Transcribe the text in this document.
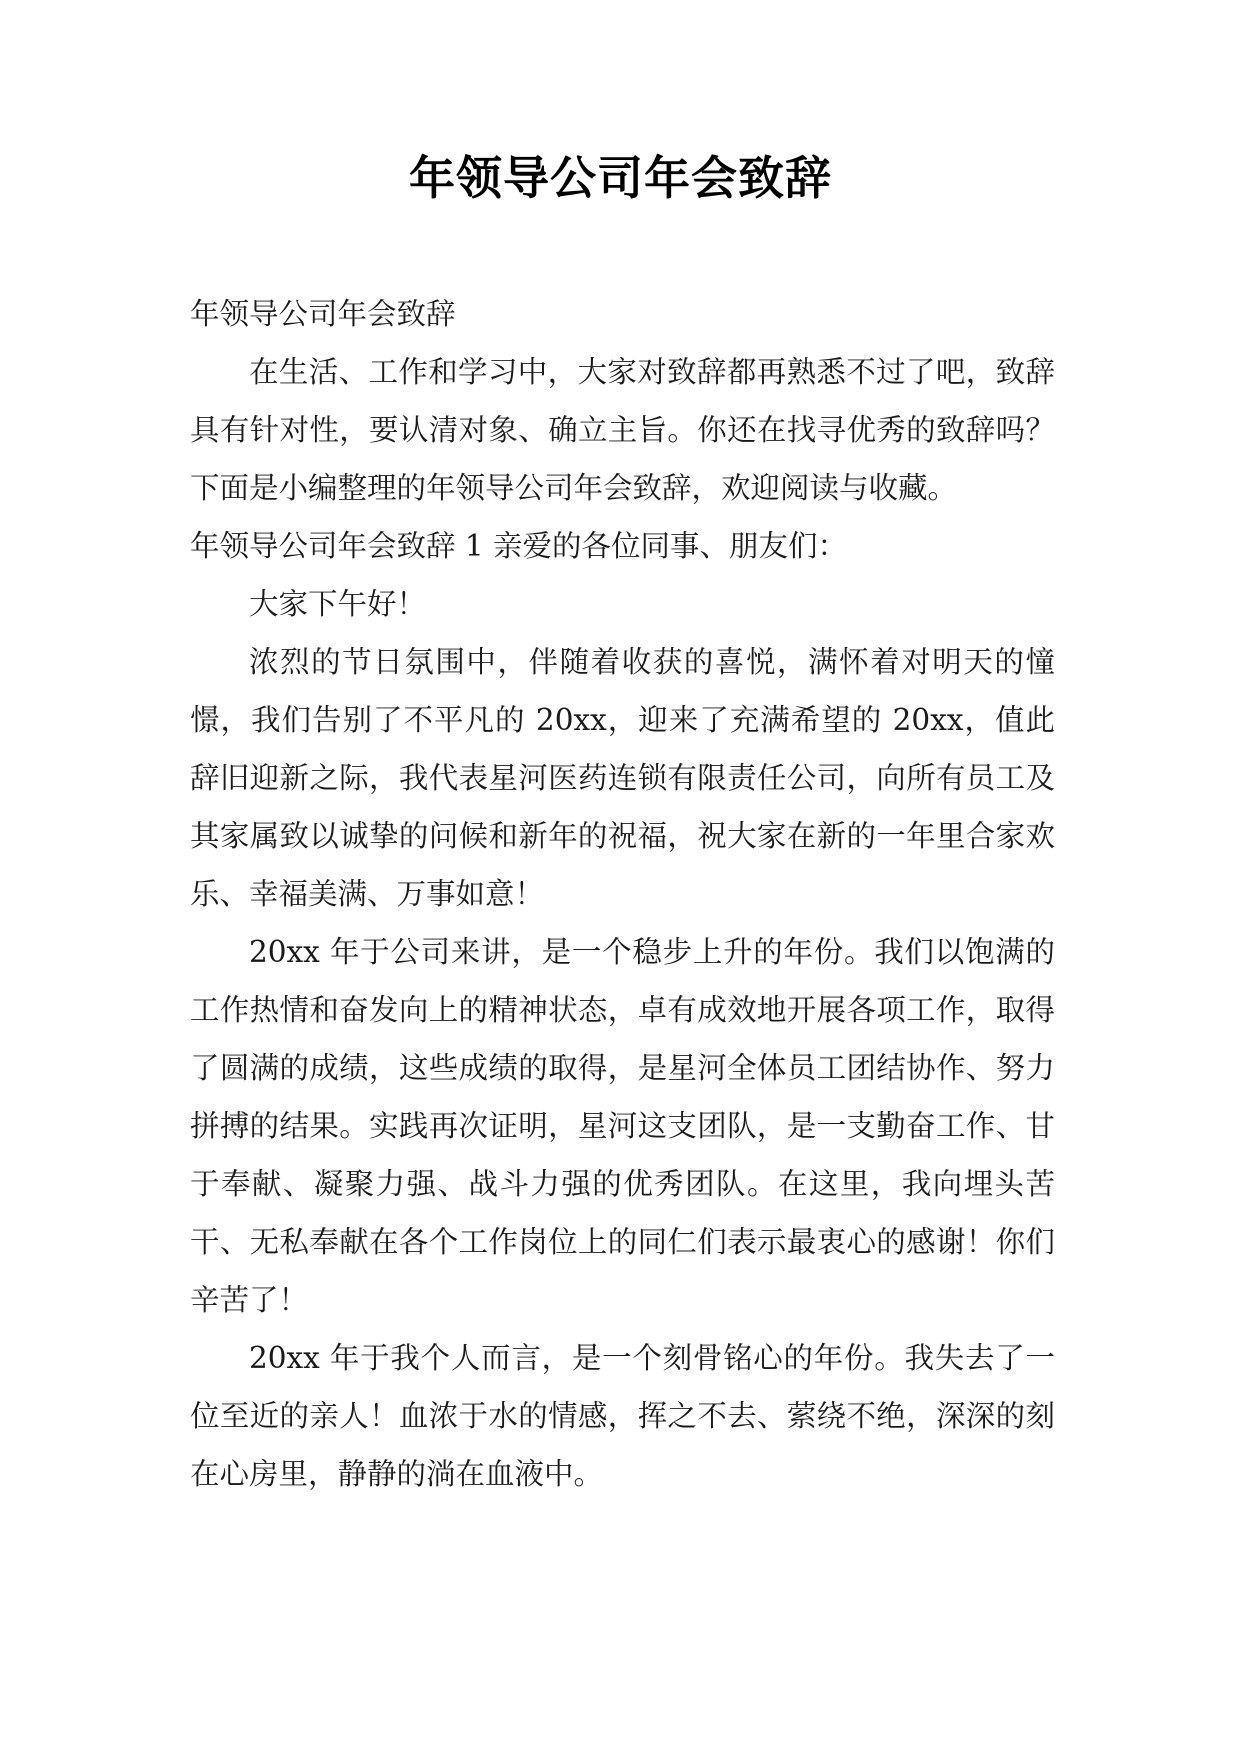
年领导公司年会致辞

年领导公司年会致辞

在生活、工作和学习中，大家对致辞都再熟悉不过了吧，致辞具有针对性，要认清对象、确立主旨。你还在找寻优秀的致辞吗？下面是小编整理的年领导公司年会致辞，欢迎阅读与收藏。

年领导公司年会致辞 1 亲爱的各位同事、朋友们：

大家下午好！

浓烈的节日氛围中，伴随着收获的喜悦，满怀着对明天的憧憬，我们告别了不平凡的 20xx，迎来了充满希望的 20xx，值此辞旧迎新之际，我代表星河医药连锁有限责任公司，向所有员工及其家属致以诚挚的问候和新年的祝福，祝大家在新的一年里合家欢乐、幸福美满、万事如意！

20xx 年于公司来讲，是一个稳步上升的年份。我们以饱满的工作热情和奋发向上的精神状态，卓有成效地开展各项工作，取得了圆满的成绩，这些成绩的取得，是星河全体员工团结协作、努力拼搏的结果。实践再次证明，星河这支团队，是一支勤奋工作、甘于奉献、凝聚力强、战斗力强的优秀团队。在这里，我向埋头苦干、无私奉献在各个工作岗位上的同仁们表示最衷心的感谢！你们辛苦了！

20xx 年于我个人而言，是一个刻骨铭心的年份。我失去了一位至近的亲人！血浓于水的情感，挥之不去、萦绕不绝，深深的刻在心房里，静静的淌在血液中。
